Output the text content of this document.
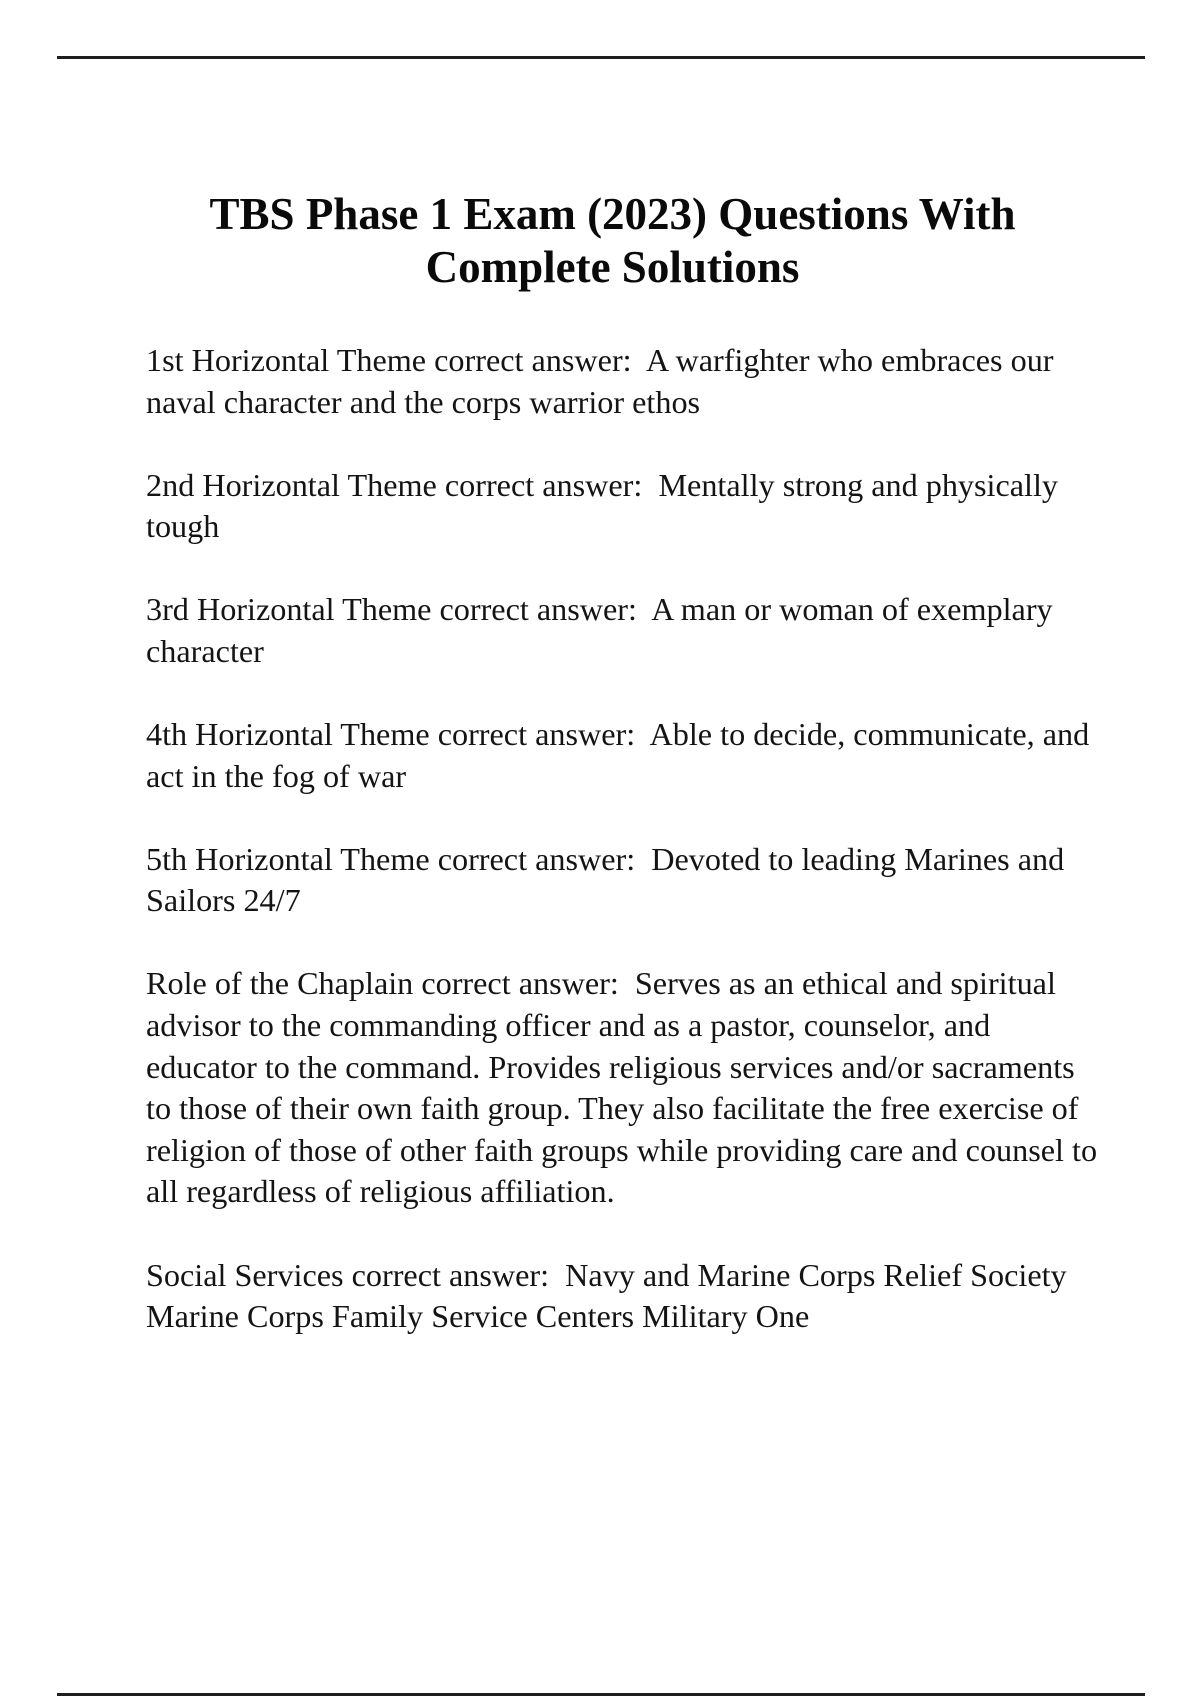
TBS Phase 1 Exam (2023) Questions With
Complete Solutions

1st Horizontal Theme correct answer: A warfighter who embraces our naval character and the corps warrior ethos

2nd Horizontal Theme correct answer: Mentally strong and physically tough

3rd Horizontal Theme correct answer: A man or woman of exemplary character

4th Horizontal Theme correct answer: Able to decide, communicate, and act in the fog of war

5th Horizontal Theme correct answer: Devoted to leading Marines and Sailors 24/7

Role of the Chaplain correct answer: Serves as an ethical and spiritual advisor to the commanding officer and as a pastor, counselor, and educator to the command. Provides religious services and/or sacraments to those of their own faith group. They also facilitate the free exercise of religion of those of other faith groups while providing care and counsel to all regardless of religious affiliation.

Social Services correct answer: Navy and Marine Corps Relief Society Marine Corps Family Service Centers Military One
